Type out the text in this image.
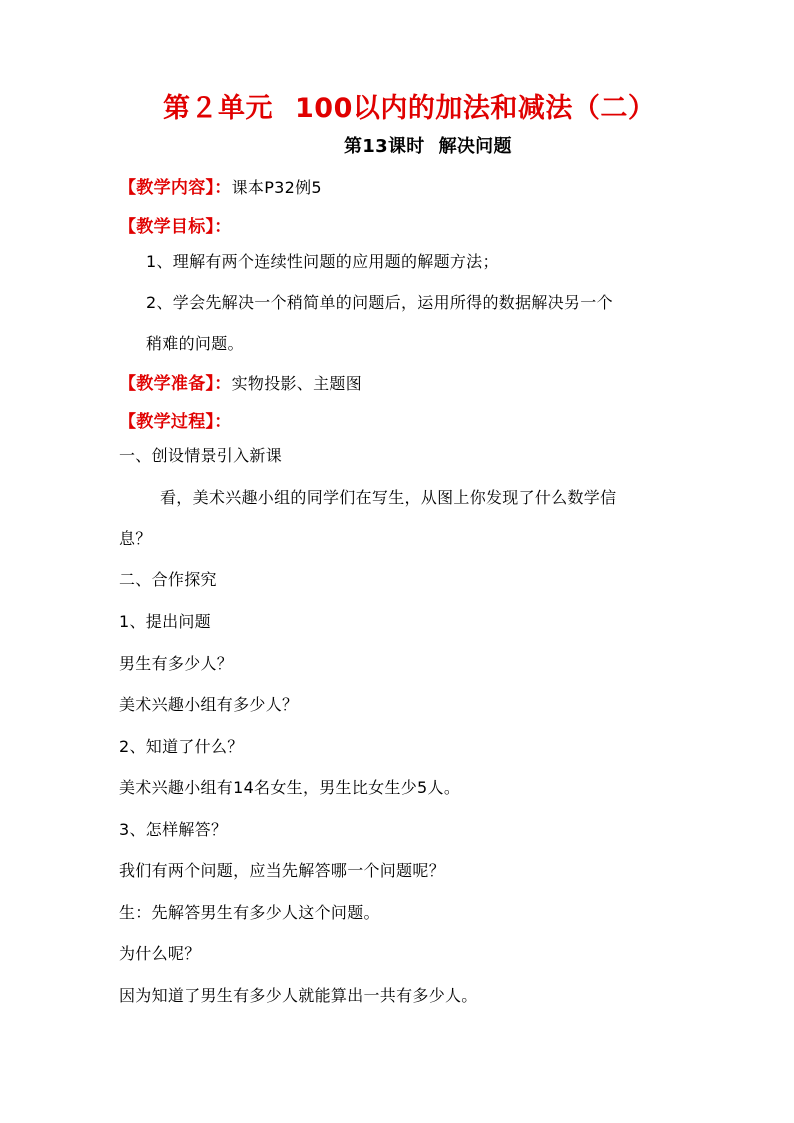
第２单元 100以内的加法和减法（二）
第13课时 解决问题
【教学内容】：课本P32例5
【教学目标】：
1、理解有两个连续性问题的应用题的解题方法；
2、学会先解决一个稍简单的问题后，运用所得的数据解决另一个
稍难的问题。
【教学准备】：实物投影、主题图
【教学过程】：
一、创设情景引入新课
看，美术兴趣小组的同学们在写生，从图上你发现了什么数学信
息？
二、合作探究
1、提出问题
男生有多少人？
美术兴趣小组有多少人？
2、知道了什么？
美术兴趣小组有14名女生，男生比女生少5人。
3、怎样解答？
我们有两个问题，应当先解答哪一个问题呢？
生：先解答男生有多少人这个问题。
为什么呢？
因为知道了男生有多少人就能算出一共有多少人。
